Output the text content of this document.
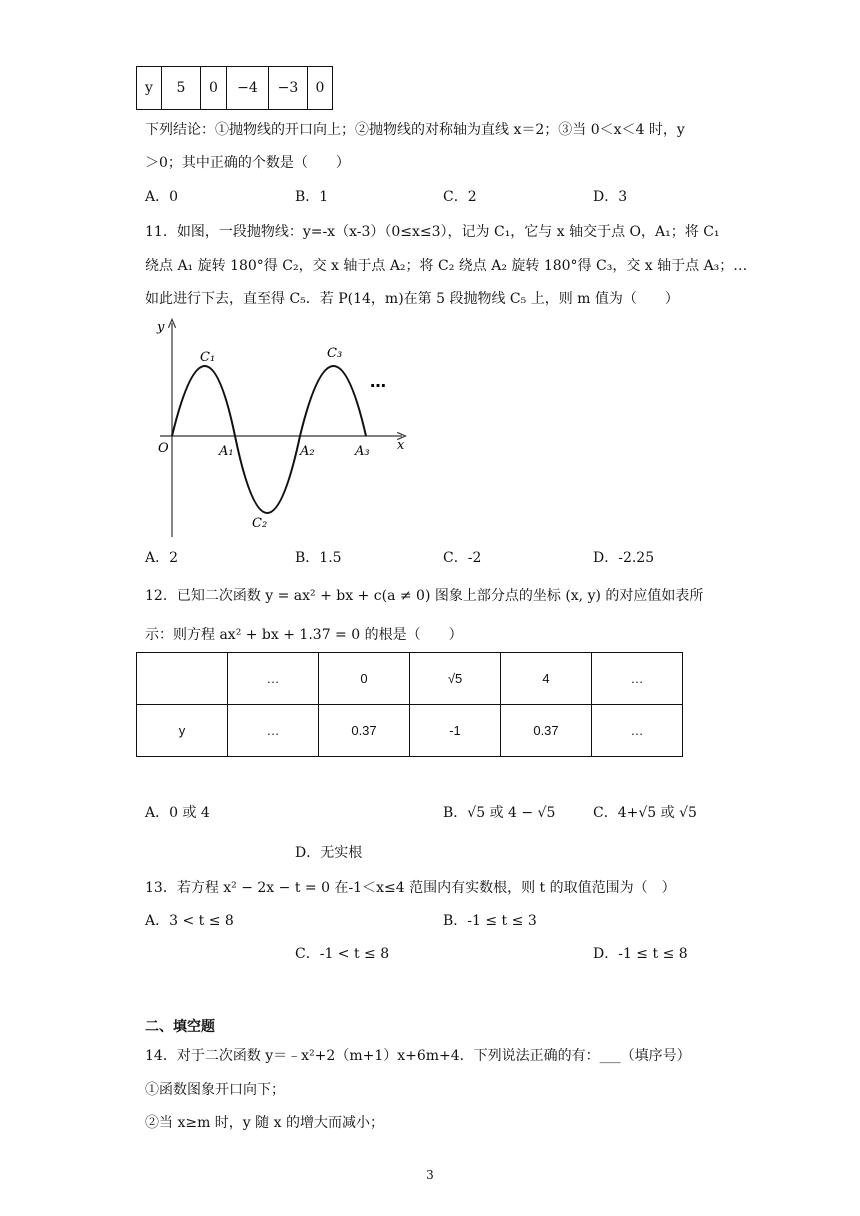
y	5	0	−4	−3	0
下列结论：①抛物线的开口向上；②抛物线的对称轴为直线 x＝2；③当 0＜x＜4 时，y
＞0；其中正确的个数是（　　）
A．0	B．1	C．2	D．3
11．如图，一段抛物线：y=-x（x-3）（0≤x≤3），记为 C₁，它与 x 轴交于点 O，A₁；将 C₁
绕点 A₁ 旋转 180°得 C₂，交 x 轴于点 A₂；将 C₂ 绕点 A₂ 旋转 180°得 C₃，交 x 轴于点 A₃；…
如此进行下去，直至得 C₅．若 P(14，m)在第 5 段抛物线 C₅ 上，则 m 值为（　　）
y
x
O	A₁	A₂	A₃
C₁
C₂
C₃
…
A．2	B．1.5	C．-2	D．-2.25
12．已知二次函数 y = ax² + bx + c(a ≠ 0) 图象上部分点的坐标 (x, y) 的对应值如表所
示：则方程 ax² + bx + 1.37 = 0 的根是（　　）
	…	0	√5	4	…
y	…	0.37	-1	0.37	…
A．0 或 4	B．√5 或 4 − √5	C．4+√5 或 √5
D．无实根
13．若方程 x² − 2x − t = 0 在-1＜x≤4 范围内有实数根，则 t 的取值范围为（　）
A．3 < t ≤ 8	B．-1 ≤ t ≤ 3
C．-1 < t ≤ 8	D．-1 ≤ t ≤ 8
二、填空题
14．对于二次函数 y＝﹣x²+2（m+1）x+6m+4．下列说法正确的有：___（填序号）
①函数图象开口向下；
②当 x≥m 时，y 随 x 的增大而减小；
3
